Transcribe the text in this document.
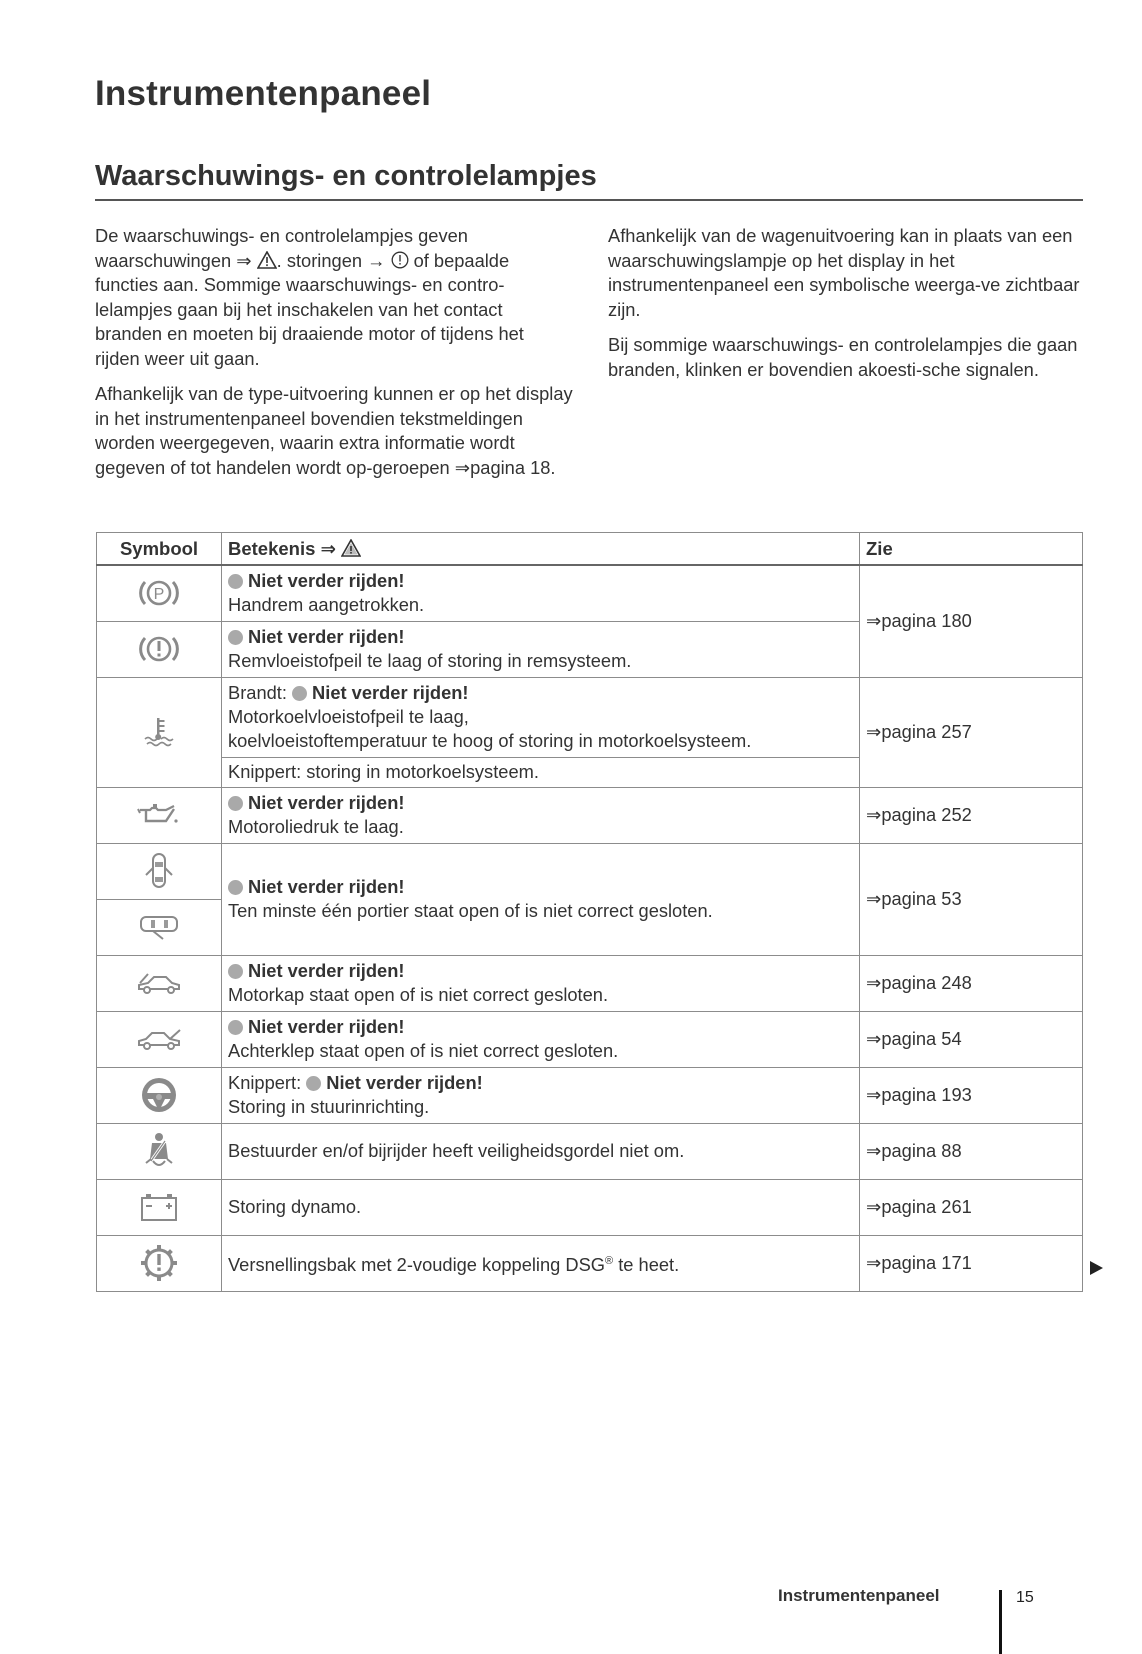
Instrumentenpaneel
Waarschuwings- en controlelampjes

De waarschuwings- en controlelampjes geven waarschuwingen ⇒ . storingen →  of bepaalde functies aan. Sommige waarschuwings- en contro-lelampjes gaan bij het inschakelen van het contact branden en moeten bij draaiende motor of tijdens het rijden weer uit gaan.

Afhankelijk van de type-uitvoering kunnen er op het display in het instrumentenpaneel bovendien tekstmeldingen worden weergegeven, waarin extra informatie wordt gegeven of tot handelen wordt op-geroepen ⇒pagina 18.

Afhankelijk van de wagenuitvoering kan in plaats van een waarschuwingslampje op het display in het instrumentenpaneel een symbolische weerga-ve zichtbaar zijn.

Bij sommige waarschuwings- en controlelampjes die gaan branden, klinken er bovendien akoesti-sche signalen.

Symbool	Betekenis ⇒	Zie

P	Niet verder rijden!
Handrem aangetrokken.	⇒pagina 180

Niet verder rijden!
Remvloeistofpeil te laag of storing in remsysteem.	

Brandt: Niet verder rijden!
Motorkoelvloeistofpeil te laag,
koelvloeistoftemperatuur te hoog of storing in motorkoelsysteem.	⇒pagina 257

	Knippert: storing in motorkoelsysteem.	

Niet verder rijden!
Motoroliedruk te laag.	⇒pagina 252

Niet verder rijden!
Ten minste één portier staat open of is niet correct gesloten.	⇒pagina 53

Niet verder rijden!
Motorkap staat open of is niet correct gesloten.	⇒pagina 248

Niet verder rijden!
Achterklep staat open of is niet correct gesloten.	⇒pagina 54

Knippert: Niet verder rijden!
Storing in stuurinrichting.	⇒pagina 193

Bestuurder en/of bijrijder heeft veiligheidsgordel niet om.	⇒pagina 88

Storing dynamo.	⇒pagina 261

Versnellingsbak met 2-voudige koppeling DSG® te heet.	⇒pagina 171
Instrumentenpaneel	15
